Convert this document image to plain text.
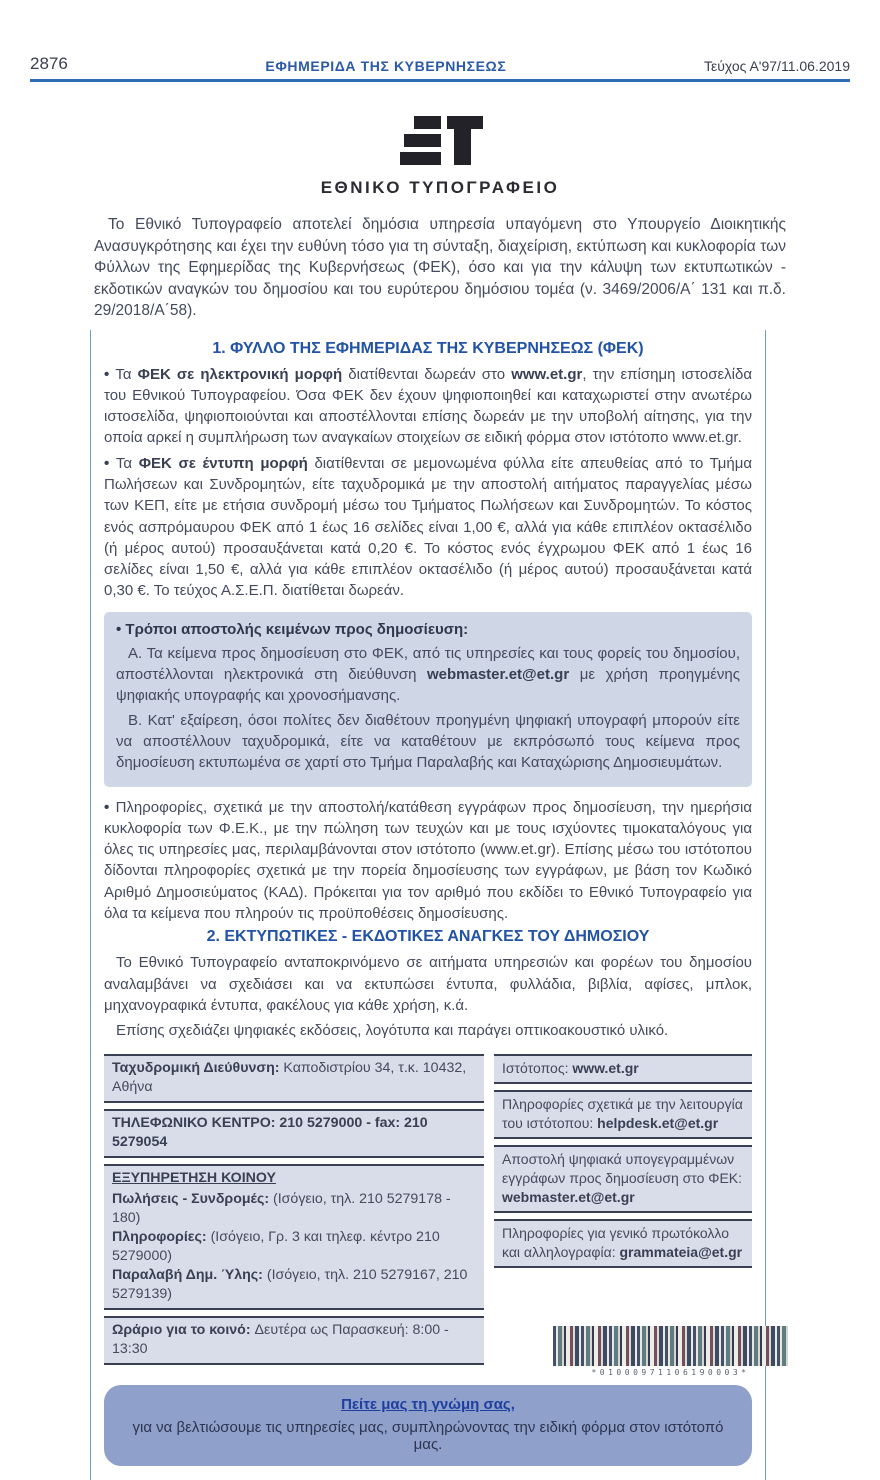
2876	ΕΦΗΜΕΡΙΔΑ ΤΗΣ ΚΥΒΕΡΝΗΣΕΩΣ	Τεύχος Α'97/11.06.2019
ΕΘΝΙΚΟ ΤΥΠΟΓΡΑΦΕΙΟ

Το Εθνικό Τυπογραφείο αποτελεί δημόσια υπηρεσία υπαγόμενη στο Υπουργείο Διοικητικής Ανασυγκρότησης και έχει την ευθύνη τόσο για τη σύνταξη, διαχείριση, εκτύπωση και κυκλοφορία των Φύλλων της Εφημερίδας της Κυβερνήσεως (ΦΕΚ), όσο και για την κάλυψη των εκτυπωτικών - εκδοτικών αναγκών του δημοσίου και του ευρύτερου δημόσιου τομέα (ν. 3469/2006/Α΄ 131 και π.δ. 29/2018/Α΄58).

1. ΦΥΛΛΟ ΤΗΣ ΕΦΗΜΕΡΙΔΑΣ ΤΗΣ ΚΥΒΕΡΝΗΣΕΩΣ (ΦΕΚ)

• Τα ΦΕΚ σε ηλεκτρονική μορφή διατίθενται δωρεάν στο www.et.gr, την επίσημη ιστοσελίδα του Εθνικού Τυπογραφείου. Όσα ΦΕΚ δεν έχουν ψηφιοποιηθεί και καταχωριστεί στην ανωτέρω ιστοσελίδα, ψηφιοποιούνται και αποστέλλονται επίσης δωρεάν με την υποβολή αίτησης, για την οποία αρκεί η συμπλήρωση των αναγκαίων στοιχείων σε ειδική φόρμα στον ιστότοπο www.et.gr.

• Τα ΦΕΚ σε έντυπη μορφή διατίθενται σε μεμονωμένα φύλλα είτε απευθείας από το Τμήμα Πωλήσεων και Συνδρομητών, είτε ταχυδρομικά με την αποστολή αιτήματος παραγγελίας μέσω των ΚΕΠ, είτε με ετήσια συνδρομή μέσω του Τμήματος Πωλήσεων και Συνδρομητών. Το κόστος ενός ασπρόμαυρου ΦΕΚ από 1 έως 16 σελίδες είναι 1,00 €, αλλά για κάθε επιπλέον οκτασέλιδο (ή μέρος αυτού) προσαυξάνεται κατά 0,20 €. Το κόστος ενός έγχρωμου ΦΕΚ από 1 έως 16 σελίδες είναι 1,50 €, αλλά για κάθε επιπλέον οκτασέλιδο (ή μέρος αυτού) προσαυξάνεται κατά 0,30 €. Το τεύχος Α.Σ.Ε.Π. διατίθεται δωρεάν.

• Τρόποι αποστολής κειμένων προς δημοσίευση:

Α. Τα κείμενα προς δημοσίευση στο ΦΕΚ, από τις υπηρεσίες και τους φορείς του δημοσίου, αποστέλλονται ηλεκτρονικά στη διεύθυνση webmaster.et@et.gr με χρήση προηγμένης ψηφιακής υπογραφής και χρονοσήμανσης.

Β. Κατ' εξαίρεση, όσοι πολίτες δεν διαθέτουν προηγμένη ψηφιακή υπογραφή μπορούν είτε να αποστέλλουν ταχυδρομικά, είτε να καταθέτουν με εκπρόσωπό τους κείμενα προς δημοσίευση εκτυπωμένα σε χαρτί στο Τμήμα Παραλαβής και Καταχώρισης Δημοσιευμάτων.

• Πληροφορίες, σχετικά με την αποστολή/κατάθεση εγγράφων προς δημοσίευση, την ημερήσια κυκλοφορία των Φ.Ε.Κ., με την πώληση των τευχών και με τους ισχύοντες τιμοκαταλόγους για όλες τις υπηρεσίες μας, περιλαμβάνονται στον ιστότοπο (www.et.gr). Επίσης μέσω του ιστότοπου δίδονται πληροφορίες σχετικά με την πορεία δημοσίευσης των εγγράφων, με βάση τον Κωδικό Αριθμό Δημοσιεύματος (ΚΑΔ). Πρόκειται για τον αριθμό που εκδίδει το Εθνικό Τυπογραφείο για όλα τα κείμενα που πληρούν τις προϋποθέσεις δημοσίευσης.

2. ΕΚΤΥΠΩΤΙΚΕΣ - ΕΚΔΟΤΙΚΕΣ ΑΝΑΓΚΕΣ ΤΟΥ ΔΗΜΟΣΙΟΥ

Το Εθνικό Τυπογραφείο ανταποκρινόμενο σε αιτήματα υπηρεσιών και φορέων του δημοσίου αναλαμβάνει να σχεδιάσει και να εκτυπώσει έντυπα, φυλλάδια, βιβλία, αφίσες, μπλοκ, μηχανογραφικά έντυπα, φακέλους για κάθε χρήση, κ.ά.

Επίσης σχεδιάζει ψηφιακές εκδόσεις, λογότυπα και παράγει οπτικοακουστικό υλικό.

Ταχυδρομική Διεύθυνση: Καποδιστρίου 34, τ.κ. 10432, Αθήνα
ΤΗΛΕΦΩΝΙΚΟ ΚΕΝΤΡΟ: 210 5279000 - fax: 210 5279054
ΕΞΥΠΗΡΕΤΗΣΗ ΚΟΙΝΟΥ
Πωλήσεις - Συνδρομές: (Ισόγειο, τηλ. 210 5279178 - 180)
Πληροφορίες: (Ισόγειο, Γρ. 3 και τηλεφ. κέντρο 210 5279000)
Παραλαβή Δημ. Ύλης: (Ισόγειο, τηλ. 210 5279167, 210 5279139)
Ωράριο για το κοινό: Δευτέρα ως Παρασκευή: 8:00 - 13:30
Ιστότοπος: www.et.gr
Πληροφορίες σχετικά με την λειτουργία του ιστότοπου: helpdesk.et@et.gr
Αποστολή ψηφιακά υπογεγραμμένων εγγράφων προς δημοσίευση στο ΦΕΚ: webmaster.et@et.gr
Πληροφορίες για γενικό πρωτόκολλο και αλληλογραφία: grammateia@et.gr
Πείτε μας τη γνώμη σας,

για να βελτιώσουμε τις υπηρεσίες μας, συμπληρώνοντας την ειδική φόρμα στον ιστότοπό μας.

*01000971106190003*
